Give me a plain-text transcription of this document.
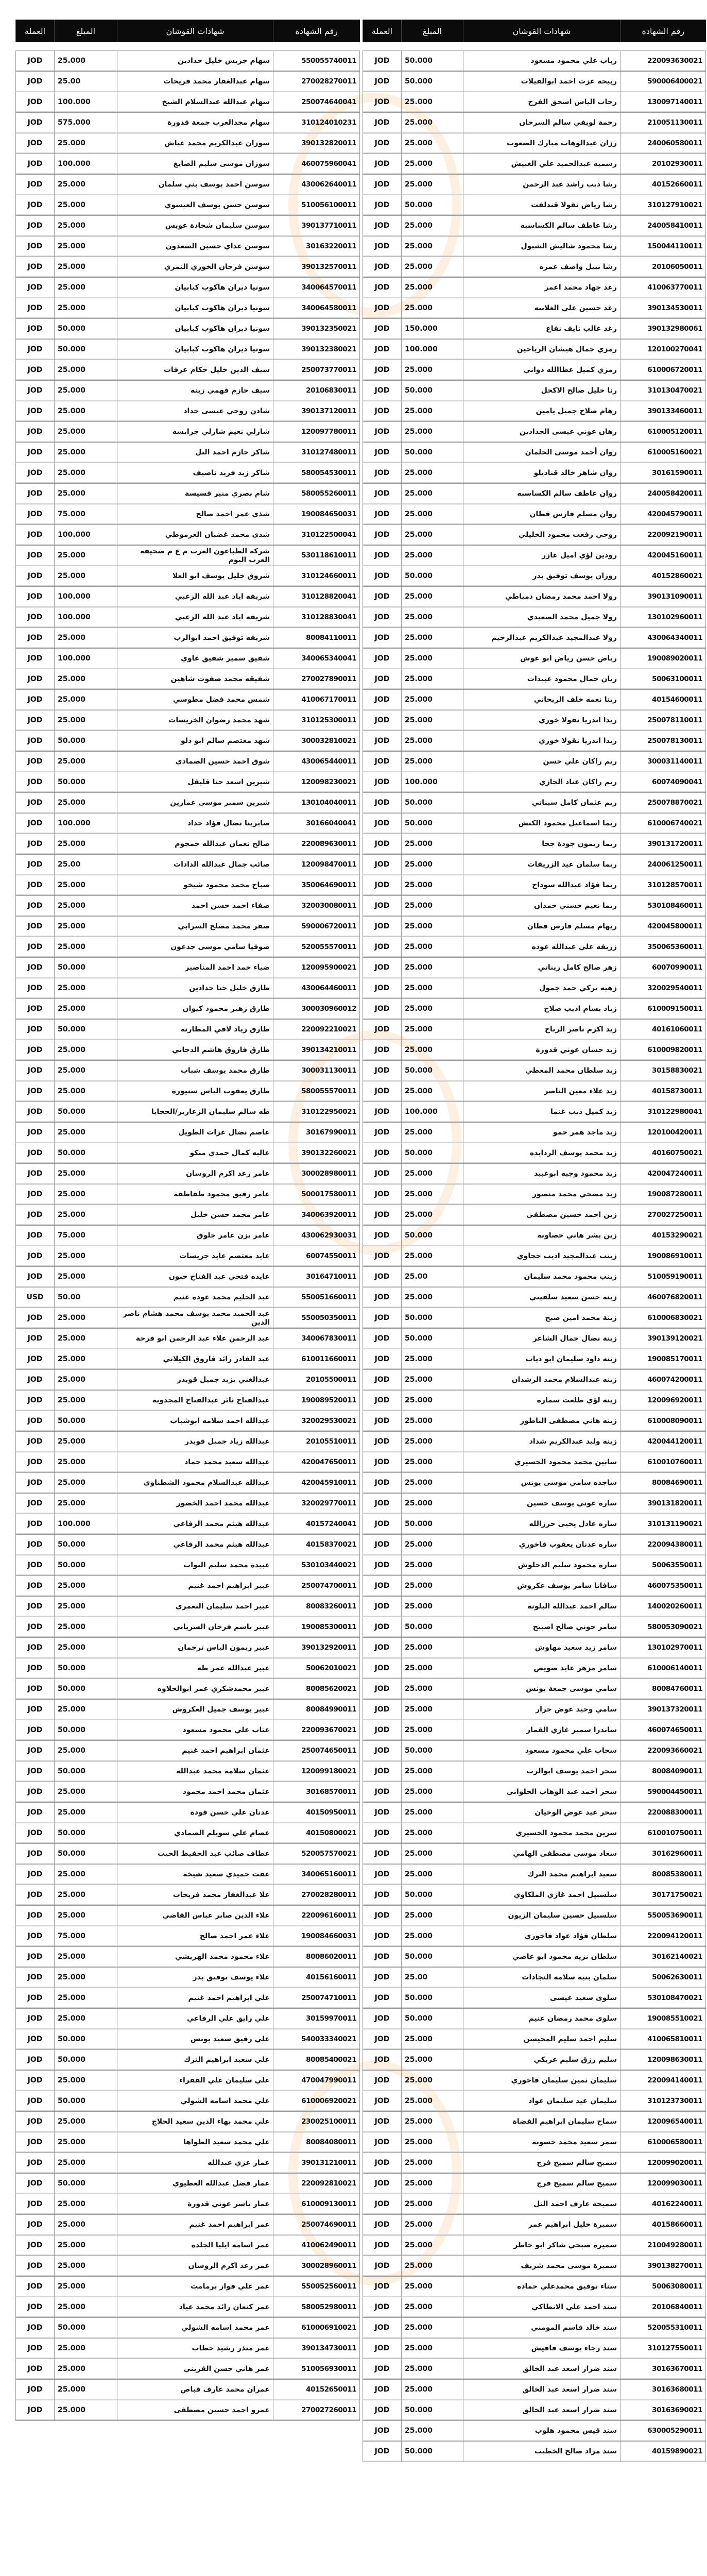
رقم الشهادة	شهادات القوشان	المبلغ	العملة

220093630021	رباب علي محمود مسعود	50.000	JOD
590006400021	ربيحة عزت احمد ابوالفيلات	50.000	JOD
130097140011	رحاب الياس اسحق الفرح	25.000	JOD
210051130011	رحمة لويفي سالم السرحان	25.000	JOD
240060580011	رزان عبدالوهاب مبارك الصعوب	25.000	JOD
20102930011	رسميه عبدالحميد علي الغبيش	25.000	JOD
40152660011	رشا ديب راشد عبد الرحمن	25.000	JOD
310127910021	رشا رياض نقولا قندلفت	50.000	JOD
240058410011	رشا عاطف سالم الكساسبه	25.000	JOD
150044110011	رشا محمود شاليش الشبول	25.000	JOD
20106050011	رشا نبيل واصف عمره	25.000	JOD
410063770011	رغد جهاد محمد اعمر	25.000	JOD
390134530011	رغد حسين علي الغلابنه	25.000	JOD
390132980061	رغد غالب نايف نفاع	150.000	JOD
120100270041	رمزي جمال هيشان الرياحين	100.000	JOD
610006720011	رمزي كميل عطاالله دواني	25.000	JOD
310130470021	رنا خليل صالح الاكحل	50.000	JOD
390133460011	رهام صلاح جميل يامين	25.000	JOD
610005120011	رهان عوني عيسى الحدادين	25.000	JOD
610005160021	روان أحمد موسى الحلمان	50.000	JOD
30161590011	روان شاهر خالد قناديلو	25.000	JOD
240058420011	روان عاطف سالم الكساسبه	25.000	JOD
420045790011	روان مسلم فارس قطان	25.000	JOD
220092190011	روحي رفعت محمود الخليلي	25.000	JOD
420045160011	رودين لؤي اميل عازر	25.000	JOD
40152860021	روزان يوسف توفيق بدر	50.000	JOD
390131090011	رولا احمد محمد رمضان دمياطي	25.000	JOD
130102960011	رولا جميل محمد الصعيدي	25.000	JOD
430064340011	رولا عبدالمجيد عبدالكريم عبدالرحيم	25.000	JOD
190089020011	رياض حسن رياض ابو غوش	25.000	JOD
50063100011	ريان جمال محمود عبيدات	25.000	JOD
40154600011	ريتا نعمه خلف الريحاني	25.000	JOD
250078110011	ريدا اندريا نقولا خوري	25.000	JOD
250078130011	ريدا اندريا نقولا خوري	25.000	JOD
300031140011	ريم راكان علي حسن	25.000	JOD
60074090041	ريم راكان عناد الجازي	100.000	JOD
250078870021	ريم عثمان كامل سيناتي	50.000	JOD
610006740021	ريما اسماعيل محمود الكنش	50.000	JOD
390131720011	ريما ريمون جودة جحا	25.000	JOD
240061250011	ريما سلمان عيد الزريقات	25.000	JOD
310128570011	ريما فؤاد عبدالله سوداح	25.000	JOD
530108460011	ريما نعيم حسني حمدان	25.000	JOD
420045800011	ريهام مسلم فارس قطان	25.000	JOD
350065360011	زريفه علي عبدالله عوده	25.000	JOD
60070990011	زهر صالح كامل زيناتي	25.000	JOD
320029540011	زهيه تركي حمد جمول	25.000	JOD
610009150011	زياد بسام اديب صلاح	25.000	JOD
40161060011	زيد اكرم ناصر الرباح	25.000	JOD
610009820011	زيد حسان عوني قدورة	25.000	JOD
30158830021	زيد سلطان محمد المعطي	50.000	JOD
40158730011	زيد علاء معين الناصر	25.000	JOD
310122980041	زيد كميل ذيب غنما	100.000	JOD
120100420011	زيد ماجد همر حمو	25.000	JOD
40160750021	زيد محمد يوسف الردايده	50.000	JOD
420047240011	زيد محمود وجيه ابوعبيد	25.000	JOD
190087280011	زيد مضحي محمد منصور	25.000	JOD
270027250011	زين احمد حسين مصطفى	25.000	JOD
40153290021	زين بشر هاني خصاونة	50.000	JOD
190086910011	زينب عبدالمجيد اديب حجاوي	25.000	JOD
510059190011	زينب محمود محمد سليمان	25.00	JOD
460076820011	زينة حسن سعيد سلفيتي	25.000	JOD
610006830021	زينة محمد امين صبح	50.000	JOD
390139120021	زينة نضال جمال الشاعر	50.000	JOD
190085170011	زينه داود سليمان ابو دياب	25.000	JOD
460074200011	زينه عبدالسلام محمد الرشدان	25.000	JOD
120096920011	زينه لؤي طلعت سماره	25.000	JOD
610008090011	زينه هاني مصطفى الناطور	25.000	JOD
420044120011	زينه وليد عبدالكريم شداد	25.000	JOD
610010760011	سابين محمد محمود الحسيري	25.000	JOD
80084690011	ساجده سامي موسى يونس	25.000	JOD
390131820011	سارة عوني يوسف حسين	25.000	JOD
310131190021	ساره عادل يحيى حرزالله	50.000	JOD
220094380011	ساره عدنان يعقوب فاخوري	25.000	JOD
50063550011	ساره محمود سليم الدحلوش	25.000	JOD
460075350011	سافانا سامر يوسف عكروش	25.000	JOD
140020260011	سالم احمد عبدالله البلونه	25.000	JOD
580053090021	سامر جوني صالح اصبيح	50.000	JOD
130102970011	سامر زيد سعيد مهاوش	25.000	JOD
610006140011	سامر مزهر عايد صويص	25.000	JOD
80084760011	سامي موسى جمعة يونس	25.000	JOD
390137320011	سامي وحيد عوض جرار	25.000	JOD
460074650011	ساندرا سمير غازي القماز	25.000	JOD
220093660021	سحاب علي محمود مسعود	50.000	JOD
80084090011	سحر احمد يوسف ابوالرب	25.000	JOD
590004450011	سحر أحمد عبد الوهاب الحلواني	25.000	JOD
220088300011	سحر عيد عوض الوخيان	25.000	JOD
610010750011	سرين محمد محمود الحسيري	25.000	JOD
30162960011	سعاد موسى مصطفى الهامي	25.000	JOD
80085380011	سعيد ابراهيم محمد الترك	25.000	JOD
30171750021	سلسبيل احمد غازي الملكاوي	50.000	JOD
550053690011	سلسبيل حسين سليمان الزيون	25.000	JOD
220094120011	سلطان فؤاد عواد فاخوري	25.000	JOD
30162140021	سلطان نزيه محمود ابو عاصي	50.000	JOD
50062630011	سلمان بنيه سلامه النجادات	25.00	JOD
530108470021	سلوى سعيد عيسى	50.000	JOD
190085510021	سلوى محمد رمضان غنيم	50.000	JOD
410065810011	سليم احمد سليم المحيسن	25.000	JOD
120098630011	سليم رزق سليم عربكي	25.000	JOD
220094140011	سليمان ثمين سليمان فاخوري	25.000	JOD
310123730011	سليمان عيد سليمان عواد	25.000	JOD
120096540011	سماح سليمان ابراهيم القضاة	25.000	JOD
610006580011	سمر سعيد محمد حسونة	25.000	JOD
120099020011	سميح سالم سميح فرج	25.000	JOD
120099030011	سميح سالم سميح فرج	25.000	JOD
40162240011	سميحه عارف احمد التل	25.000	JOD
40158660011	سميرة خليل ابراهيم عمر	25.000	JOD
210049280011	سميرة صبحي شاكر ابو خاطر	25.000	JOD
390138270011	سميرة موسى محمد شريف	25.000	JOD
50063080011	سناء توفيق محمدعلي حماده	25.000	JOD
20106840011	سند احمد علي الانطاكي	25.000	JOD
520055310011	سند خالد قاسم المومني	25.000	JOD
310127550011	سند رجاء يوسف قاقيش	25.000	JOD
30163670011	سند ضرار اسعد عبد الخالق	25.000	JOD
30163680011	سند ضرار اسعد عبد الخالق	25.000	JOD
30163690021	سند ضرار اسعد عبد الخالق	50.000	JOD
630005290011	سند قيس محمود هلوب	25.000	JOD
40159890021	سند مراد صالح الخطيب	50.000	JOD
رقم الشهادة	شهادات القوشان	المبلغ	العملة

550055740011	سهام جريس خليل حدادين	25.000	JOD
270028270011	سهام عبدالغفار محمد فريحات	25.00	JOD
250074640041	سهام عبدالله عبدالسلام الشيخ	100.000	JOD
310124010231	سهام مجدالعرب جمعة قدورة	575.000	JOD
390132820011	سوزان عبدالكريم محمد عياش	25.000	JOD
460075960041	سوزان موسى سليم الصايغ	100.000	JOD
430062640011	سوسن احمد يوسف بني سلمان	25.000	JOD
510056100011	سوسن حسن يوسف العيسوي	25.000	JOD
390137710011	سوسن سليمان شحادة عويس	25.000	JOD
30163220011	سوسن عداي حسين السعدون	25.000	JOD
390132570011	سوسن فرحان الخوري النمري	25.000	JOD
340064570011	سونيا ديران هاكوب كبابيان	25.000	JOD
340064580011	سونيا ديران هاكوب كبابيان	25.000	JOD
390132350021	سونيا ديران هاكوب كبابيان	50.000	JOD
390132380021	سونيا ديران هاكوب كبابيان	50.000	JOD
250073770011	سيف الدين خليل حكام عرفات	25.000	JOD
20106830011	سيف حازم فهمي زينه	25.000	JOD
390137120011	شادن روحي عيسى حداد	25.000	JOD
120097780011	شارلي نعيم شارلي جرايسه	25.000	JOD
310127480011	شاكر حازم احمد التل	25.000	JOD
580054530011	شاكر زيد فريد ناصيف	25.000	JOD
580055260011	شام نصري منير قسيسة	25.000	JOD
190084650031	شذى عمر احمد صالح	75.000	JOD
310122500041	شذى محمد غضبان العرموطي	100.000	JOD
530118610011	شركة الطباعون العرب م ع م صحيفة العرب اليوم	25.000	JOD
310124660011	شروق خليل يوسف ابو العلا	25.000	JOD
310128820041	شريفه اياد عبد الله الزعبي	100.000	JOD
310128830041	شريفه اياد عبد الله الزعبي	100.000	JOD
80084110011	شريفه توفيق احمد ابوالرب	25.000	JOD
340065340041	شفيق سمير شفيق غاوي	100.000	JOD
270027890011	شفيقه محمد صفوت شاهين	25.000	JOD
410067170011	شمس محمد فضل مطوسي	25.000	JOD
310125300011	شهد محمد رضوان الخريسات	25.000	JOD
300032810021	شهد معتصم سالم ابو دلو	50.000	JOD
430065440011	شوق احمد حسين الصمادي	25.000	JOD
120098230021	شيرين اسعد حنا قليقل	50.000	JOD
130104040011	شيرين سمير موسى عمارين	25.000	JOD
30166040041	صابرينا نضال فؤاد حداد	100.000	JOD
220089630011	صالح نعمان عبدالله جمجوم	25.000	JOD
120098470011	صائب جمال عبدالله الدادات	25.00	JOD
350064690011	صباح محمد محمود شيخو	25.000	JOD
320030080011	صفاء احمد حسن احمد	25.000	JOD
590006720011	صقر محمد مصلح السرابي	25.000	JOD
520055570011	صوفيا سامي موسى جدعون	25.000	JOD
120095900021	ضياء حمد احمد المناصير	50.000	JOD
430064460011	طارق خليل حنا حدادين	25.000	JOD
300030960012	طارق زهير محمود كيوان	25.000	JOD
220092210021	طارق زياد لافي المطارنة	50.000	JOD
390134210011	طارق فاروق هاشم الدجاني	25.000	JOD
300031130011	طارق محمد يوسف شباب	25.000	JOD
580055570011	طارق يعقوب الياس سنيورة	25.000	JOD
310122950021	طه سالم سليمان الزعارير/الحجايا	50.000	JOD
30167990011	عاصم نضال عزات الطويل	25.000	JOD
390132260021	عاليه كمال حمدي منكو	50.000	JOD
300028980011	عامر رعد اكرم الروسان	25.000	JOD
500017580011	عامر رفيق محمود طقاطقة	25.000	JOD
340063920011	عامر محمد حسن خليل	25.000	JOD
430062930031	عامر يزن عامر جلوق	75.000	JOD
60074550011	عايد معتصم عايد جريسات	25.000	JOD
30164710011	عايده فتحي عبد الفتاح حنون	25.000	JOD
550051660011	عبد الحليم محمد عوده غنيم	50.00	USD
550050350011	عبد الحميد محمد يوسف محمد هشام ناصر الدين	25.000	JOD
340067830011	عبد الرحمن علاء عبد الرحمن ابو فرحة	25.000	JOD
610011660011	عبد القادر رائد فاروق الكيلاني	25.000	JOD
20105500011	عبدالغني يزيد جميل قويدر	25.000	JOD
190089520011	عبدالفتاح ثائر عبدالفتاح المجدوبة	25.000	JOD
320029530021	عبدالله احمد سلامه ابوشباب	50.000	JOD
20105510011	عبدالله زياد جميل قويدر	25.000	JOD
420047650011	عبدالله سعيد محمد حماد	25.000	JOD
420045910011	عبدالله عبدالسلام محمود الشطناوي	25.000	JOD
320029770011	عبدالله محمد احمد الخضور	25.000	JOD
40157240041	عبدالله هيثم محمد الرفاعي	100.000	JOD
40158370021	عبدالله هيثم محمد الرفاعي	50.000	JOD
530103440021	عبيدة محمد سليم البواب	50.000	JOD
250074700011	عبير ابراهيم احمد غنيم	25.000	JOD
80083260011	عبير احمد سليمان النعمري	25.000	JOD
190085300011	عبير باسم فرحان السرياني	25.000	JOD
390132920011	عبير ريمون الياس ترجمان	25.000	JOD
50062010021	عبير عبدالله عمر طه	50.000	JOD
80085620021	عبير محمدشكري عمر ابوالحلاوه	50.000	JOD
80084990011	عبير يوسف جميل العكروش	25.000	JOD
220093670021	عتاب علي محمود مسعود	50.000	JOD
250074650011	عثمان ابراهيم احمد غنيم	25.000	JOD
120099180021	عثمان سلامة محمد عبدالله	50.000	JOD
30168570011	عثمان محمد احمد محمود	25.000	JOD
40150950011	عدنان علي حسن قودة	25.000	JOD
40150800021	عصام علي سويلم الصمادي	50.000	JOD
520057570021	عطاف صائب عبد الحفيظ الحيت	50.000	JOD
340065160011	عفت حميدي سعيد شيخة	25.000	JOD
270028280011	علا عبدالغفار محمد فريحات	25.000	JOD
220096160011	علاء الدين صابر عباس القاضي	25.000	JOD
190084660031	علاء عمر احمد صالح	75.000	JOD
80086020011	علاء محمود محمد الهريشي	25.000	JOD
40156160011	علاء يوسف توفيق بدر	25.000	JOD
250074710011	علي ابراهيم احمد غنيم	25.000	JOD
30159970011	علي رايق علي الرفاعي	25.000	JOD
540033340021	علي رفيق سعيد يونس	50.000	JOD
80085400021	علي سعيد ابراهيم الترك	50.000	JOD
470047990011	علي سليمان علي الفقراء	25.000	JOD
610006920021	علي محمد اسامه الشولي	50.000	JOD
230025100011	علي محمد بهاء الدين سعيد الحلاج	25.000	JOD
80084080011	علي محمد سعيد الطواها	25.000	JOD
390131210011	عمار عزي عبدالله	25.000	JOD
220092810021	عمار فضل عبدالله العطيوي	50.000	JOD
610009130011	عمار ياسر عوني قدورة	25.000	JOD
250074690011	عمر ابراهيم احمد غنيم	25.000	JOD
410062490011	عمر اسامه ايليا الجلده	25.000	JOD
300028960011	عمر رعد اكرم الروسان	25.000	JOD
550052560011	عمر علي فواز برمامت	25.000	JOD
580052980011	عمر كنعان رائد محمد عياد	25.000	JOD
610006910021	عمر محمد اسامه الشولي	50.000	JOD
390134730011	عمر منذر رشيد حطاب	25.000	JOD
510056930011	عمر هاني حسن القريني	25.000	JOD
40152650011	عمران محمد عارف قباص	25.000	JOD
270027260011	عمرو احمد حسين مصطفى	25.000	JOD
